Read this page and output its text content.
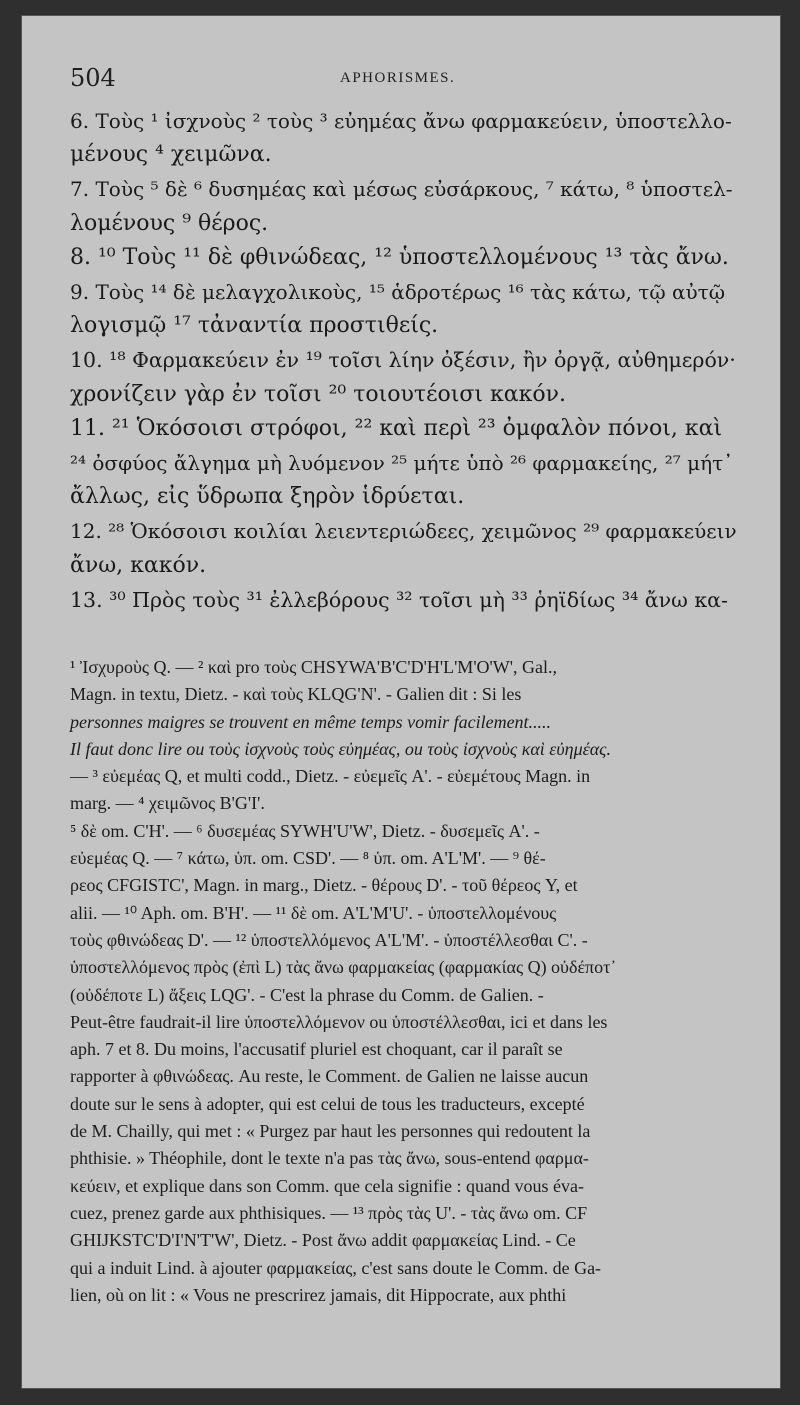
504	APHORISMES.

6. Τοὺς ¹ ἰσχνοὺς ² τοὺς ³ εὐημέας ἄνω φαρμακεύειν, ὑποστελλο-

μένους ⁴ χειμῶνα.

7. Τοὺς ⁵ δὲ ⁶ δυσημέας καὶ μέσως εὐσάρκους, ⁷ κάτω, ⁸ ὑποστελ-

λομένους ⁹ θέρος.

8. ¹⁰ Τοὺς ¹¹ δὲ φθινώδεας, ¹² ὑποστελλομένους ¹³ τὰς ἄνω.

9. Τοὺς ¹⁴ δὲ μελαγχολικοὺς, ¹⁵ ἁδροτέρως ¹⁶ τὰς κάτω, τῷ αὐτῷ

λογισμῷ ¹⁷ τἀναντία προστιθείς.

10. ¹⁸ Φαρμακεύειν ἐν ¹⁹ τοῖσι λίην ὀξέσιν, ἢν ὀργᾷ, αὐθημερόν·

χρονίζειν γὰρ ἐν τοῖσι ²⁰ τοιουτέοισι κακόν.

11. ²¹ Ὁκόσοισι στρόφοι, ²² καὶ περὶ ²³ ὀμφαλὸν πόνοι, καὶ

²⁴ ὀσφύος ἄλγημα μὴ λυόμενον ²⁵ μήτε ὑπὸ ²⁶ φαρμακείης, ²⁷ μήτ᾽

ἄλλως, εἰς ὕδρωπα ξηρὸν ἱδρύεται.

12. ²⁸ Ὁκόσοισι κοιλίαι λειεντεριώδεες, χειμῶνος ²⁹ φαρμακεύειν

ἄνω, κακόν.

13. ³⁰ Πρὸς τοὺς ³¹ ἐλλεβόρους ³² τοῖσι μὴ ³³ ῥηϊδίως ³⁴ ἄνω κα-

¹ Ἰσχυροὺς Q. — ² καὶ pro τοὺς CHSYWA'B'C'D'H'L'M'O'W', Gal.,

Magn. in textu, Dietz. - καὶ τοὺς KLQG'N'. - Galien dit : Si les

personnes maigres se trouvent en même temps vomir facilement.....

Il faut donc lire ou τοὺς ἰσχνοὺς τοὺς εὐημέας, ou τοὺς ἰσχνοὺς καὶ εὐημέας.

— ³ εὐεμέας Q, et multi codd., Dietz. - εὐεμεῖς A'. - εὐεμέτους Magn. in

marg. — ⁴ χειμῶνος B'G'I'.

⁵ δὲ om. C'H'. — ⁶ δυσεμέας SYWH'U'W', Dietz. - δυσεμεῖς A'. -

εὐεμέας Q. — ⁷ κάτω, ὑπ. om. CSD'. — ⁸ ὑπ. om. A'L'M'. — ⁹ θέ-

ρεος CFGISTC', Magn. in marg., Dietz. - θέρους D'. - τοῦ θέρεος Y, et

alii. — ¹⁰ Aph. om. B'H'. — ¹¹ δὲ om. A'L'M'U'. - ὑποστελλομένους

τοὺς φθινώδεας D'. — ¹² ὑποστελλόμενος A'L'M'. - ὑποστέλλεσθαι C'. -

ὑποστελλόμενος πρὸς (ἐπὶ L) τὰς ἄνω φαρμακείας (φαρμακίας Q) οὐδέποτ᾽

(οὐδέποτε L) ἄξεις LQG'. - C'est la phrase du Comm. de Galien. -

Peut-être faudrait-il lire ὑποστελλόμενον ou ὑποστέλλεσθαι, ici et dans les

aph. 7 et 8. Du moins, l'accusatif pluriel est choquant, car il paraît se

rapporter à φθινώδεας. Au reste, le Comment. de Galien ne laisse aucun

doute sur le sens à adopter, qui est celui de tous les traducteurs, excepté

de M. Chailly, qui met : « Purgez par haut les personnes qui redoutent la

phthisie. » Théophile, dont le texte n'a pas τὰς ἄνω, sous-entend φαρμα-

κεύειν, et explique dans son Comm. que cela signifie : quand vous éva-

cuez, prenez garde aux phthisiques. — ¹³ πρὸς τὰς U'. - τὰς ἄνω om. CF

GHIJKSTC'D'I'N'T'W', Dietz. - Post ἄνω addit φαρμακείας Lind. - Ce

qui a induit Lind. à ajouter φαρμακείας, c'est sans doute le Comm. de Ga-

lien, où on lit : « Vous ne prescrirez jamais, dit Hippocrate, aux phthi
